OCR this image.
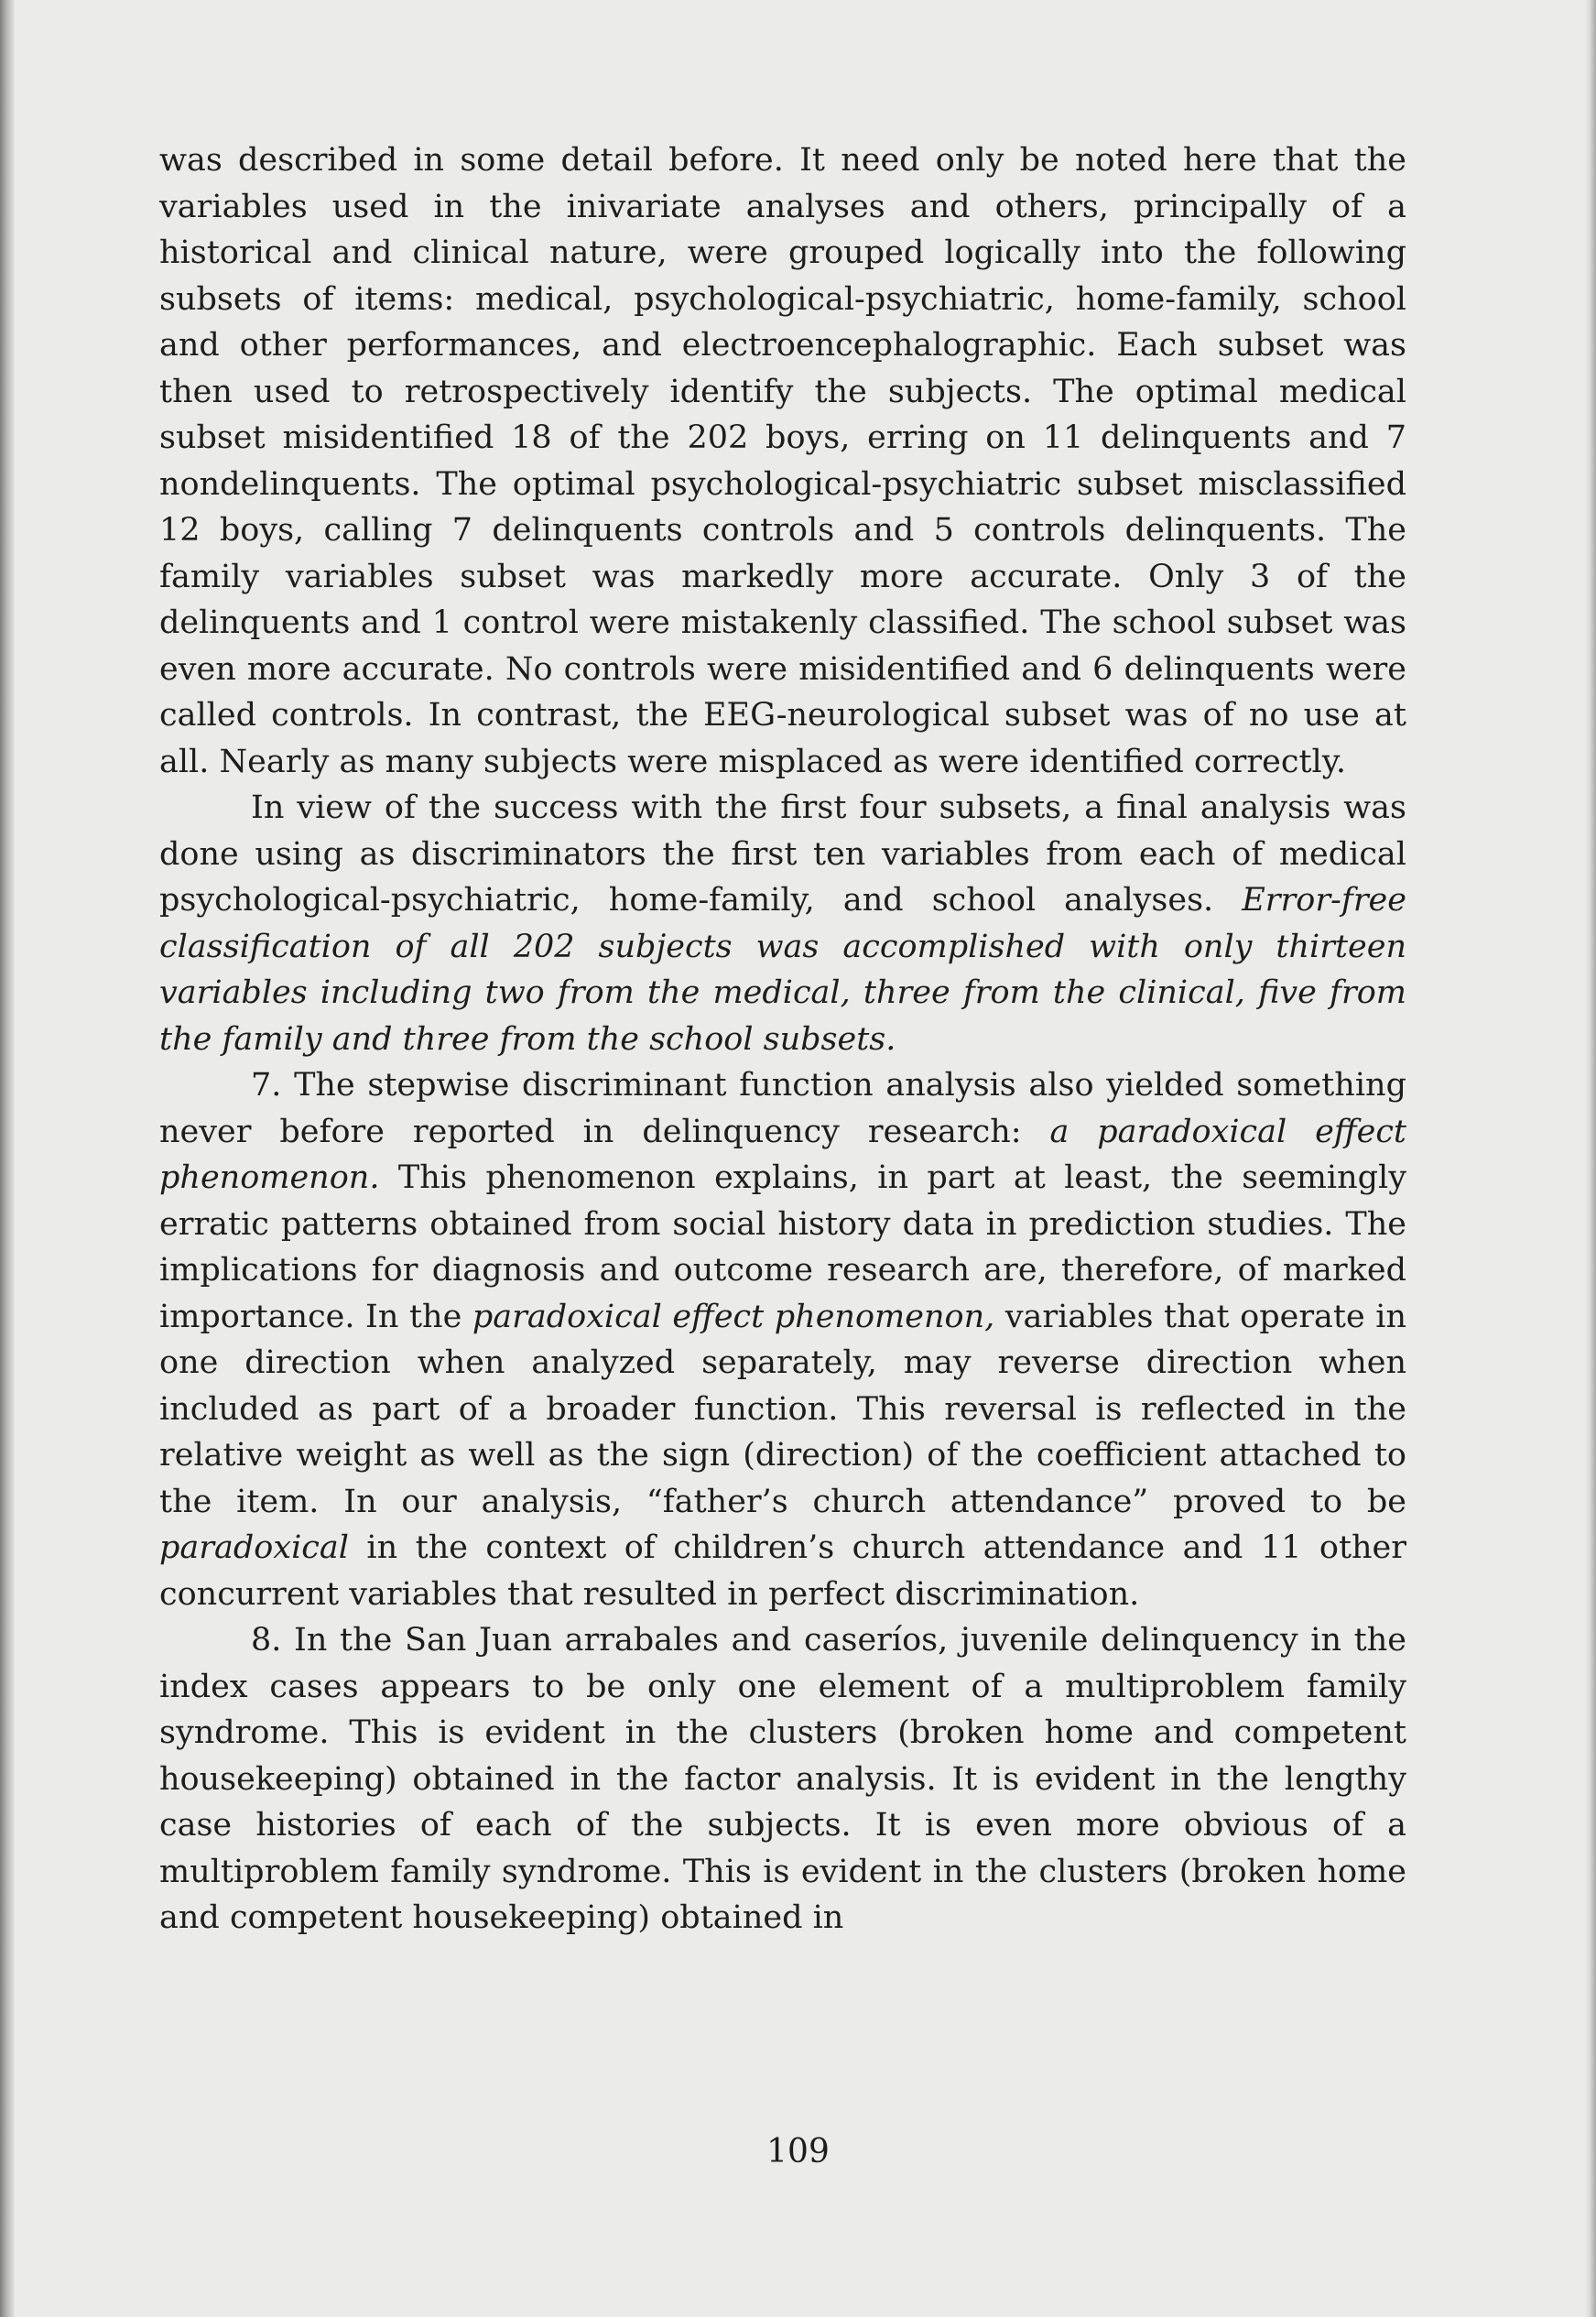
was described in some detail before. It need only be noted here that the variables used in the inivariate analyses and others, principally of a historical and clinical nature, were grouped logically into the following subsets of items: medical, psychological-psychiatric, home-family, school and other performances, and electroencephalographic. Each subset was then used to retrospectively identify the subjects. The optimal medical subset misidentified 18 of the 202 boys, erring on 11 delinquents and 7 nondelinquents. The optimal psychological-psychiatric subset misclassified 12 boys, calling 7 delinquents controls and 5 controls delinquents. The family variables subset was markedly more accurate. Only 3 of the delinquents and 1 control were mistakenly classified. The school subset was even more accurate. No controls were misidentified and 6 delinquents were called controls. In contrast, the EEG-neurological subset was of no use at all. Nearly as many subjects were misplaced as were identified correctly.

In view of the success with the first four subsets, a final analysis was done using as discriminators the first ten variables from each of medical psychological-psychiatric, home-family, and school analyses. Error-free classification of all 202 subjects was accomplished with only thirteen variables including two from the medical, three from the clinical, five from the family and three from the school subsets.

7. The stepwise discriminant function analysis also yielded something never before reported in delinquency research: a paradoxical effect phenomenon. This phenomenon explains, in part at least, the seemingly erratic patterns obtained from social history data in prediction studies. The implications for diagnosis and outcome research are, therefore, of marked importance. In the paradoxical effect phenomenon, variables that operate in one direction when analyzed separately, may reverse direction when included as part of a broader function. This reversal is reflected in the relative weight as well as the sign (direction) of the coefficient attached to the item. In our analysis, “father’s church attendance” proved to be paradoxical in the context of children’s church attendance and 11 other concurrent variables that resulted in perfect discrimination.

8. In the San Juan arrabales and caseríos, juvenile delinquency in the index cases appears to be only one element of a multiproblem family syndrome. This is evident in the clusters (broken home and competent housekeeping) obtained in the factor analysis. It is evident in the lengthy case histories of each of the subjects. It is even more obvious of a multiproblem family syndrome. This is evident in the clusters (broken home and competent housekeeping) obtained in

109
